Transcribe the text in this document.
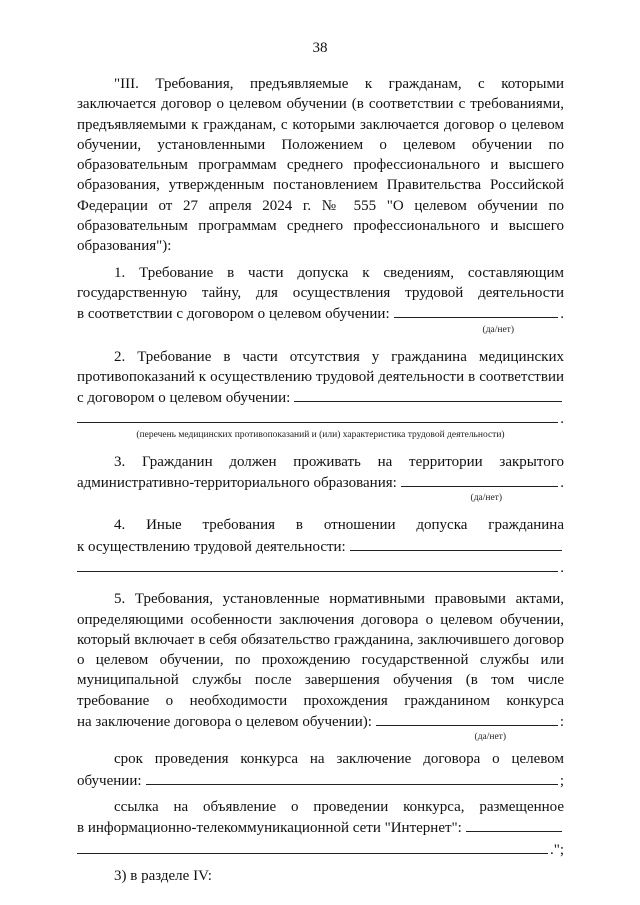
38

"III. Требования, предъявляемые к гражданам, с которыми

заключается договор о целевом обучении (в соответствии с требованиями, предъявляемыми к гражданам, с которыми заключается договор о целевом обучении, установленными Положением о целевом обучении по образовательным программам среднего профессионального и высшего образования, утвержденным постановлением Правительства Российской Федерации от 27 апреля 2024 г. № 555 "О целевом обучении по образовательным программам среднего профессионального и высшего образования"):

1. Требование в части допуска к сведениям, составляющим

государственную тайну, для осуществления трудовой деятельности

в соответствии с договором о целевом обучении:	.
(да/нет)

2. Требование в части отсутствия у гражданина медицинских

противопоказаний к осуществлению трудовой деятельности в соответствии

с договором о целевом обучении:
.
(перечень медицинских противопоказаний и (или) характеристика трудовой деятельности)

3. Гражданин должен проживать на территории закрытого

административно-территориального образования:	.
(да/нет)

4. Иные требования в отношении допуска гражданина

к осуществлению трудовой деятельности:
.

5. Требования, установленные нормативными правовыми актами,

определяющими особенности заключения договора о целевом обучении, который включает в себя обязательство гражданина, заключившего договор о целевом обучении, по прохождению государственной службы или муниципальной службы после завершения обучения (в том числе требование о необходимости прохождения гражданином конкурса

на заключение договора о целевом обучении):	:
(да/нет)

срок проведения конкурса на заключение договора о целевом

обучении:	;

ссылка на объявление о проведении конкурса, размещенное

в информационно-телекоммуникационной сети "Интернет":
.";

3) в разделе IV:
